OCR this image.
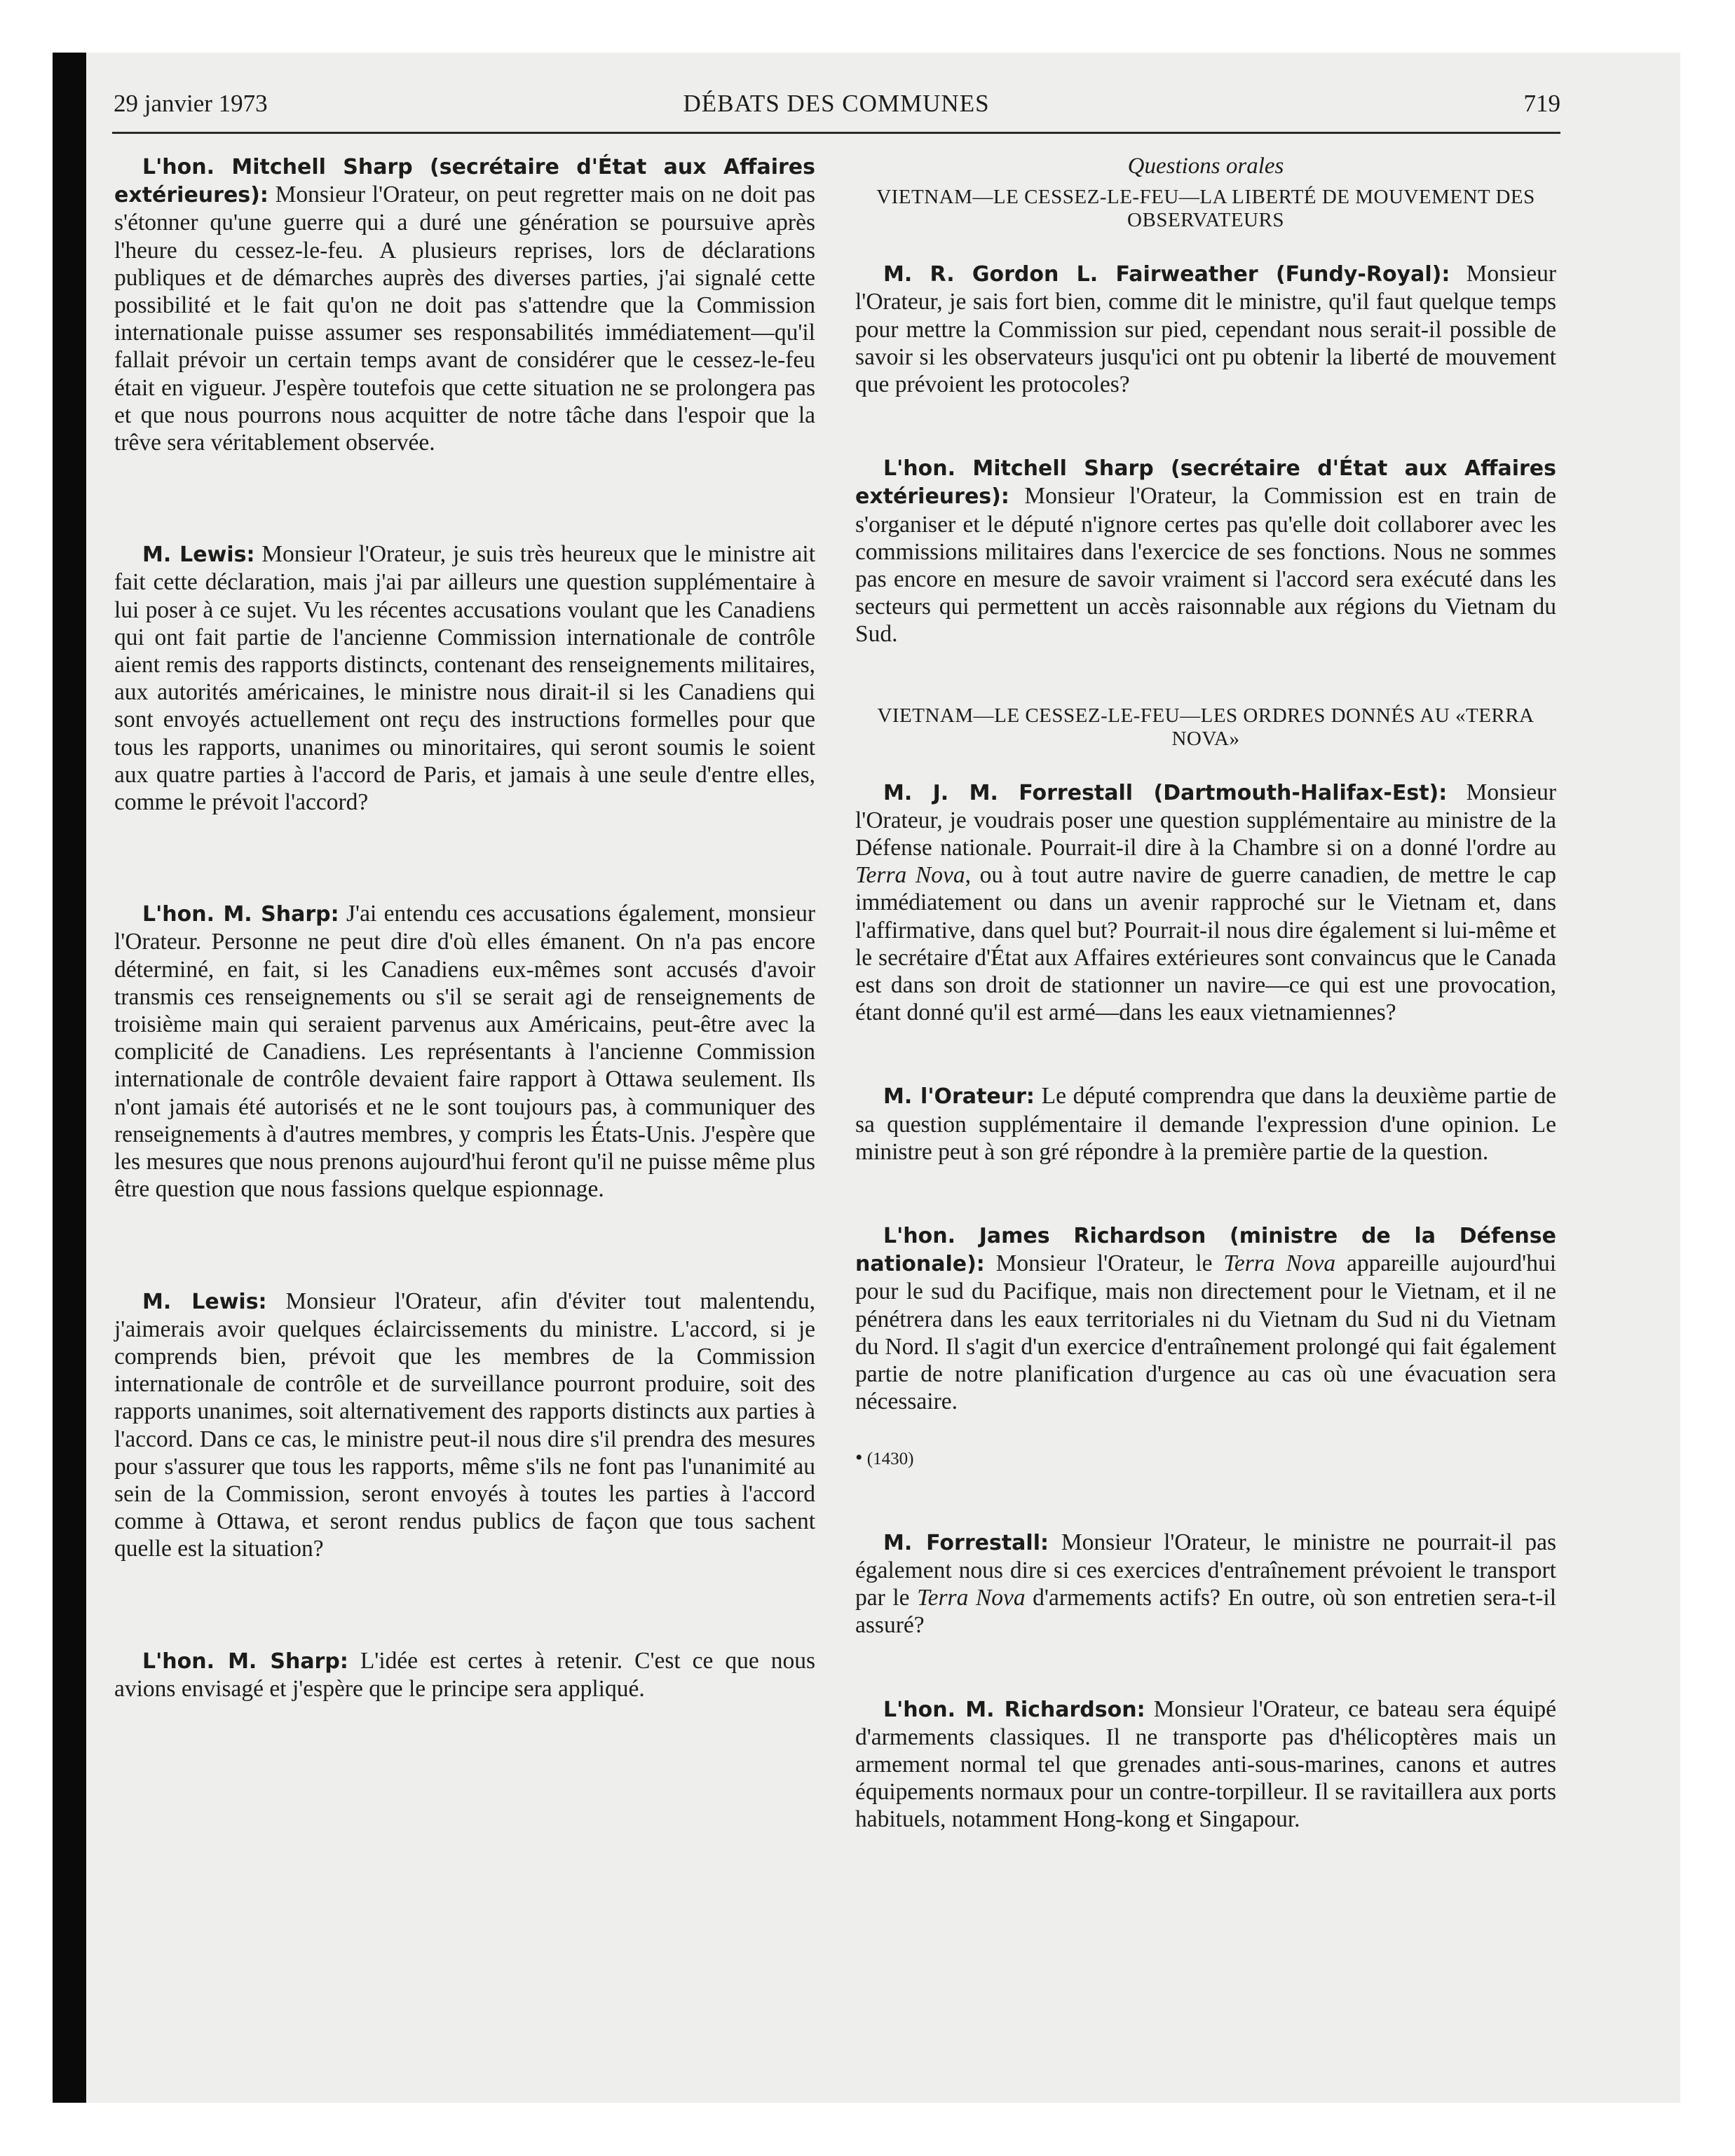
29 janvier 1973	DÉBATS DES COMMUNES	719

L'hon. Mitchell Sharp (secrétaire d'État aux Affaires extérieures): Monsieur l'Orateur, on peut regretter mais on ne doit pas s'étonner qu'une guerre qui a duré une génération se poursuive après l'heure du cessez-le-feu. A plusieurs reprises, lors de déclarations publiques et de démarches auprès des diverses parties, j'ai signalé cette possibilité et le fait qu'on ne doit pas s'attendre que la Commission internationale puisse assumer ses responsabilités immédiatement—qu'il fallait prévoir un certain temps avant de considérer que le cessez-le-feu était en vigueur. J'espère toutefois que cette situation ne se prolongera pas et que nous pourrons nous acquitter de notre tâche dans l'espoir que la trêve sera véritablement observée.

M. Lewis: Monsieur l'Orateur, je suis très heureux que le ministre ait fait cette déclaration, mais j'ai par ailleurs une question supplémentaire à lui poser à ce sujet. Vu les récentes accusations voulant que les Canadiens qui ont fait partie de l'ancienne Commission internationale de contrôle aient remis des rapports distincts, contenant des renseignements militaires, aux autorités américaines, le ministre nous dirait-il si les Canadiens qui sont envoyés actuellement ont reçu des instructions formelles pour que tous les rapports, unanimes ou minoritaires, qui seront soumis le soient aux quatre parties à l'accord de Paris, et jamais à une seule d'entre elles, comme le prévoit l'accord?

L'hon. M. Sharp: J'ai entendu ces accusations également, monsieur l'Orateur. Personne ne peut dire d'où elles émanent. On n'a pas encore déterminé, en fait, si les Canadiens eux-mêmes sont accusés d'avoir transmis ces renseignements ou s'il se serait agi de renseignements de troisième main qui seraient parvenus aux Américains, peut-être avec la complicité de Canadiens. Les représentants à l'ancienne Commission internationale de contrôle devaient faire rapport à Ottawa seulement. Ils n'ont jamais été autorisés et ne le sont toujours pas, à communiquer des renseignements à d'autres membres, y compris les États-Unis. J'espère que les mesures que nous prenons aujourd'hui feront qu'il ne puisse même plus être question que nous fassions quelque espionnage.

M. Lewis: Monsieur l'Orateur, afin d'éviter tout malentendu, j'aimerais avoir quelques éclaircissements du ministre. L'accord, si je comprends bien, prévoit que les membres de la Commission internationale de contrôle et de surveillance pourront produire, soit des rapports unanimes, soit alternativement des rapports distincts aux parties à l'accord. Dans ce cas, le ministre peut-il nous dire s'il prendra des mesures pour s'assurer que tous les rapports, même s'ils ne font pas l'unanimité au sein de la Commission, seront envoyés à toutes les parties à l'accord comme à Ottawa, et seront rendus publics de façon que tous sachent quelle est la situation?

L'hon. M. Sharp: L'idée est certes à retenir. C'est ce que nous avions envisagé et j'espère que le principe sera appliqué.

Questions orales

VIETNAM—LE CESSEZ-LE-FEU—LA LIBERTÉ DE MOUVEMENT DES OBSERVATEURS

M. R. Gordon L. Fairweather (Fundy-Royal): Monsieur l'Orateur, je sais fort bien, comme dit le ministre, qu'il faut quelque temps pour mettre la Commission sur pied, cependant nous serait-il possible de savoir si les observateurs jusqu'ici ont pu obtenir la liberté de mouvement que prévoient les protocoles?

L'hon. Mitchell Sharp (secrétaire d'État aux Affaires extérieures): Monsieur l'Orateur, la Commission est en train de s'organiser et le député n'ignore certes pas qu'elle doit collaborer avec les commissions militaires dans l'exercice de ses fonctions. Nous ne sommes pas encore en mesure de savoir vraiment si l'accord sera exécuté dans les secteurs qui permettent un accès raisonnable aux régions du Vietnam du Sud.

VIETNAM—LE CESSEZ-LE-FEU—LES ORDRES DONNÉS AU «TERRA NOVA»

M. J. M. Forrestall (Dartmouth-Halifax-Est): Monsieur l'Orateur, je voudrais poser une question supplémentaire au ministre de la Défense nationale. Pourrait-il dire à la Chambre si on a donné l'ordre au Terra Nova, ou à tout autre navire de guerre canadien, de mettre le cap immédiatement ou dans un avenir rapproché sur le Vietnam et, dans l'affirmative, dans quel but? Pourrait-il nous dire également si lui-même et le secrétaire d'État aux Affaires extérieures sont convaincus que le Canada est dans son droit de stationner un navire—ce qui est une provocation, étant donné qu'il est armé—dans les eaux vietnamiennes?

M. l'Orateur: Le député comprendra que dans la deuxième partie de sa question supplémentaire il demande l'expression d'une opinion. Le ministre peut à son gré répondre à la première partie de la question.

L'hon. James Richardson (ministre de la Défense nationale): Monsieur l'Orateur, le Terra Nova appareille aujourd'hui pour le sud du Pacifique, mais non directement pour le Vietnam, et il ne pénétrera dans les eaux territoriales ni du Vietnam du Sud ni du Vietnam du Nord. Il s'agit d'un exercice d'entraînement prolongé qui fait également partie de notre planification d'urgence au cas où une évacuation sera nécessaire.

• (1430)

M. Forrestall: Monsieur l'Orateur, le ministre ne pourrait-il pas également nous dire si ces exercices d'entraînement prévoient le transport par le Terra Nova d'armements actifs? En outre, où son entretien sera-t-il assuré?

L'hon. M. Richardson: Monsieur l'Orateur, ce bateau sera équipé d'armements classiques. Il ne transporte pas d'hélicoptères mais un armement normal tel que grenades anti-sous-marines, canons et autres équipements normaux pour un contre-torpilleur. Il se ravitaillera aux ports habituels, notamment Hong-kong et Singapour.
